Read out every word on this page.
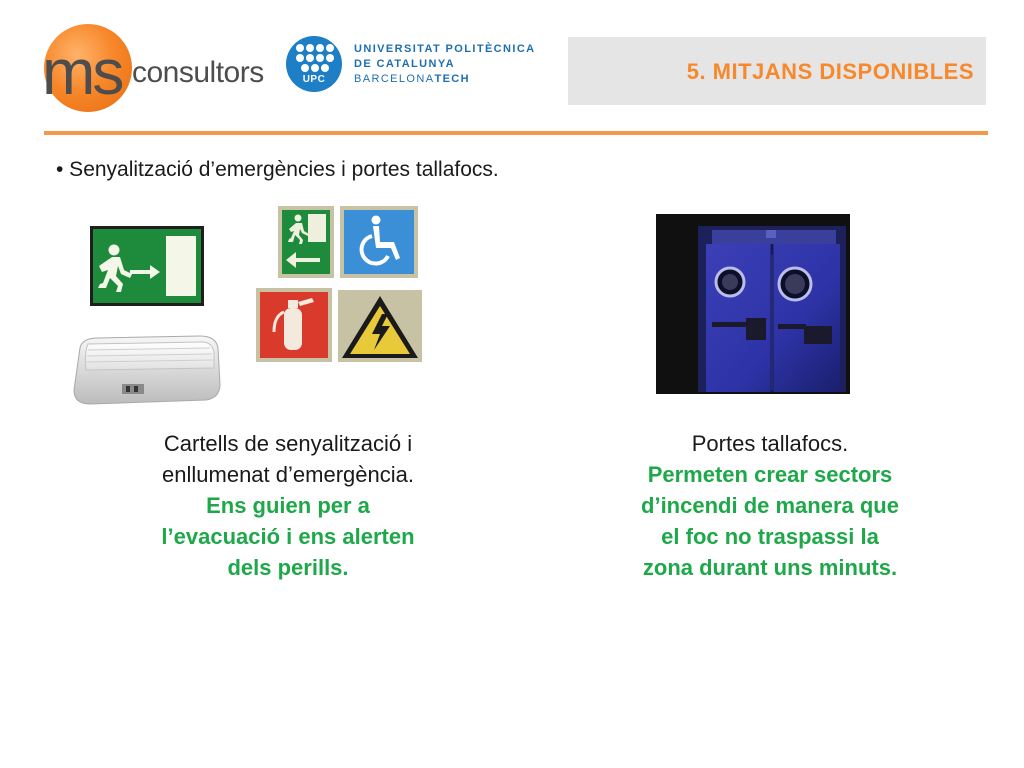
ms consultors	UPC
UNIVERSITAT POLITÈCNICA
DE CATALUNYA
BARCELONATECH	5. MITJANS DISPONIBLES
• Senyalització d’emergències i portes tallafocs.
Cartells de senyalització i
enllumenat d’emergència.
Ens guien per a
l’evacuació i ens alerten
dels perills.
Portes tallafocs.
Permeten crear sectors
d’incendi de manera que
el foc no traspassi la
zona durant uns minuts.
